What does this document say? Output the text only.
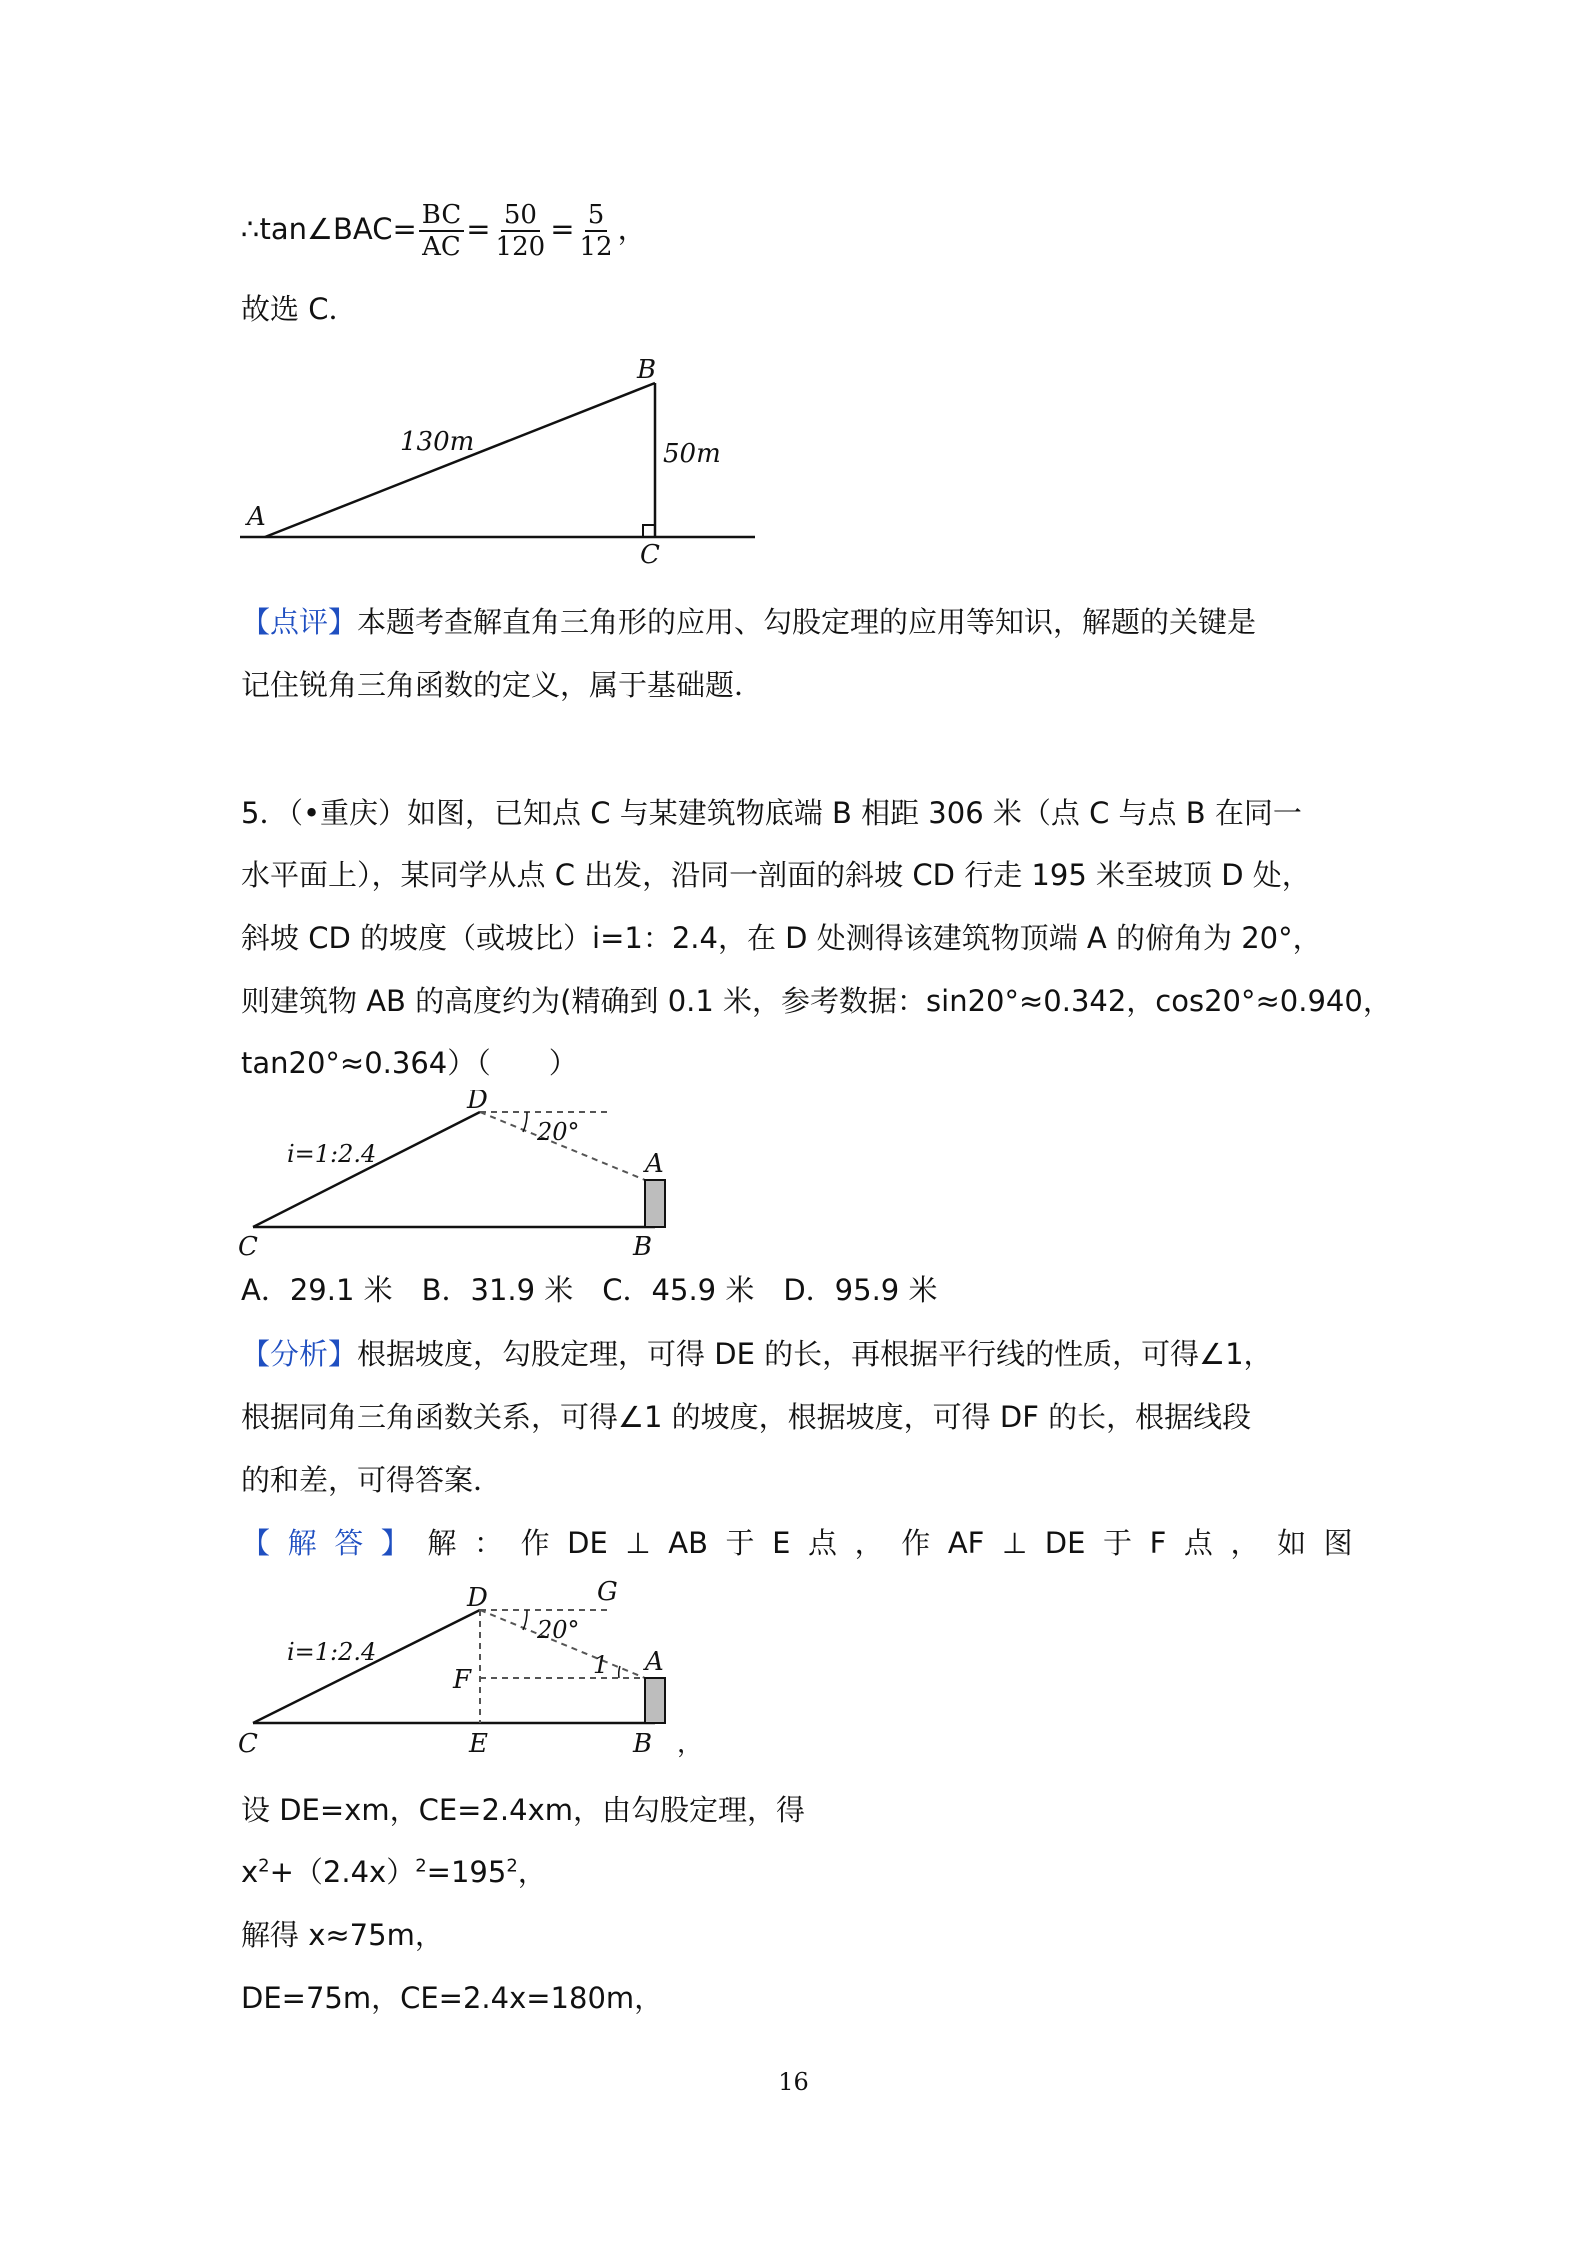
∴tan∠BAC= $\frac{BC}{AC} = \frac{50}{120} = \frac{5}{12}$ ，
故选 C．
A
B
C
130m	50m
【点评】本题考查解直角三角形的应用、勾股定理的应用等知识，解题的关键是
记住锐角三角函数的定义，属于基础题．
5．（•重庆）如图，已知点 C 与某建筑物底端 B 相距 306 米（点 C 与点 B 在同一
水平面上），某同学从点 C 出发，沿同一剖面的斜坡 CD 行走 195 米至坡顶 D 处，
斜坡 CD 的坡度（或坡比）i=1：2.4，在 D 处测得该建筑物顶端 A 的俯角为 20°，
则建筑物 AB 的高度约为(精确到 0.1 米，参考数据：sin20°≈0.342，cos20°≈0.940，
tan20°≈0.364）（　　）
C
D
A
B
i=1:2.4
20°
A．29.1 米　B．31.9 米　C．45.9 米　D．95.9 米
【分析】根据坡度，勾股定理，可得 DE 的长，再根据平行线的性质，可得∠1，
根据同角三角函数关系，可得∠1 的坡度，根据坡度，可得 DF 的长，根据线段
的和差，可得答案．
【 解 答 】 解 ： 作 DE ⊥ AB 于 E 点 ， 作 AF ⊥ DE 于 F 点 ， 如 图
C
D	G
F
A
E	B ，
i=1:2.4
20°
1
设 DE=xm，CE=2.4xm，由勾股定理，得
$x^2+(2.4x)^2=195^2$，
解得 x≈75m，
DE=75m，CE=2.4x=180m，
16
